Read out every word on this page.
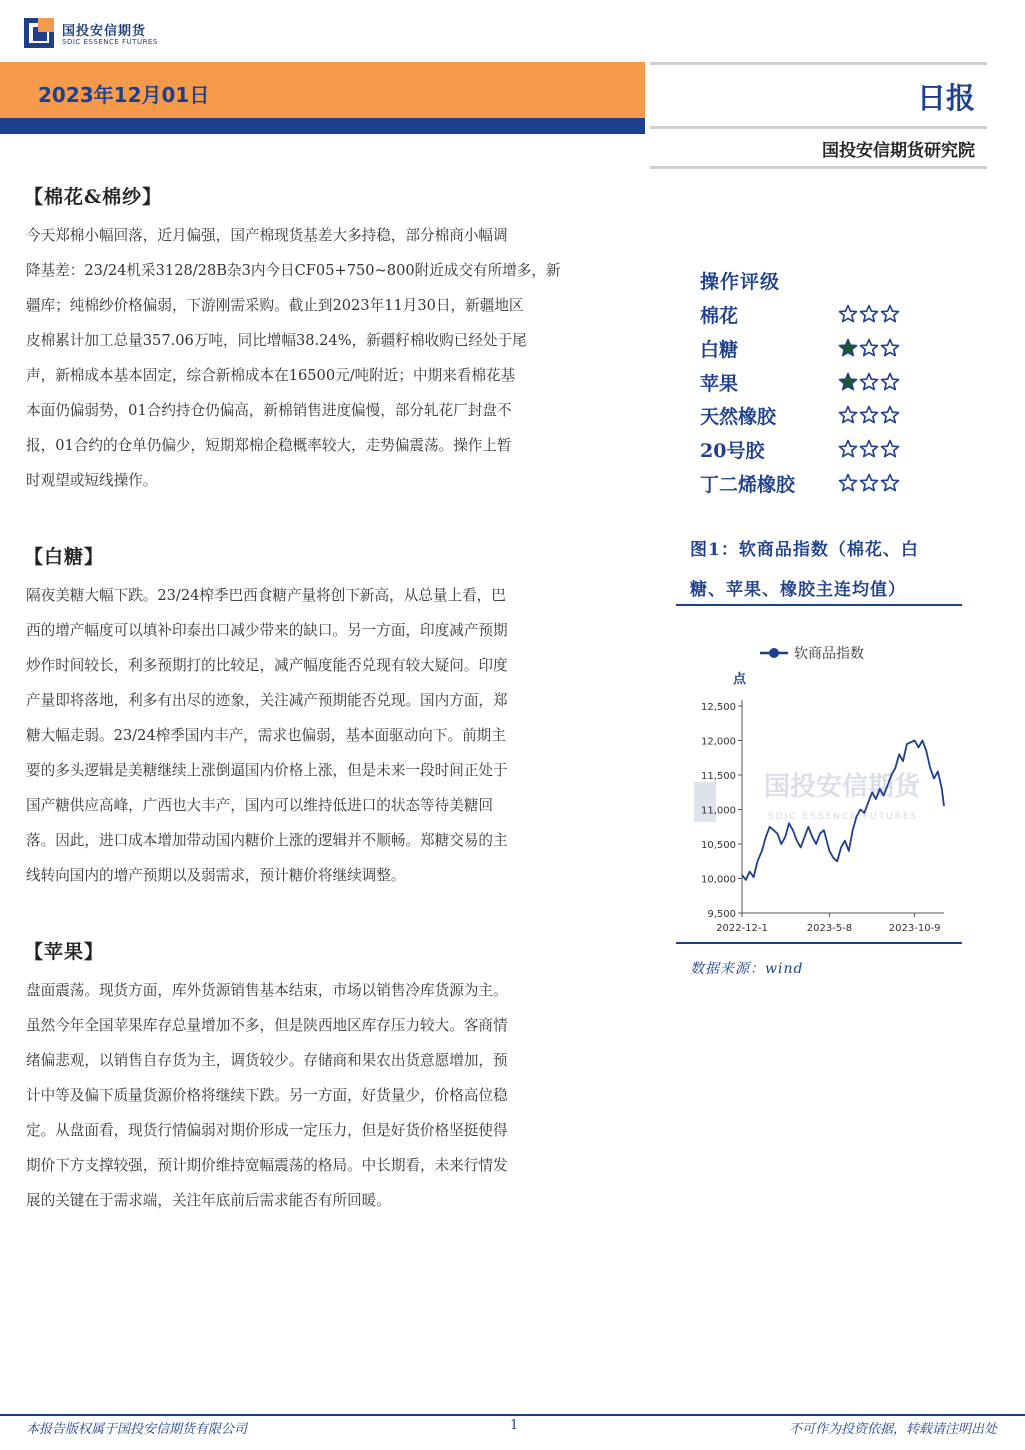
国投安信期货
SDIC ESSENCE FUTURES
2023年12月01日	日报
国投安信期货研究院
【棉花&棉纱】
今天郑棉小幅回落，近月偏强，国产棉现货基差大多持稳，部分棉商小幅调
降基差：23/24机采3128/28B杂3内今日CF05+750~800附近成交有所增多，新
疆库；纯棉纱价格偏弱，下游刚需采购。截止到2023年11月30日，新疆地区
皮棉累计加工总量357.06万吨，同比增幅38.24%，新疆籽棉收购已经处于尾
声，新棉成本基本固定，综合新棉成本在16500元/吨附近；中期来看棉花基
本面仍偏弱势，01合约持仓仍偏高，新棉销售进度偏慢，部分轧花厂封盘不
报，01合约的仓单仍偏少，短期郑棉企稳概率较大，走势偏震荡。操作上暂
时观望或短线操作。
【白糖】
隔夜美糖大幅下跌。23/24榨季巴西食糖产量将创下新高，从总量上看，巴
西的增产幅度可以填补印泰出口减少带来的缺口。另一方面，印度减产预期
炒作时间较长，利多预期打的比较足，减产幅度能否兑现有较大疑问。印度
产量即将落地，利多有出尽的迹象，关注减产预期能否兑现。国内方面，郑
糖大幅走弱。23/24榨季国内丰产，需求也偏弱，基本面驱动向下。前期主
要的多头逻辑是美糖继续上涨倒逼国内价格上涨，但是未来一段时间正处于
国产糖供应高峰，广西也大丰产，国内可以维持低进口的状态等待美糖回
落。因此，进口成本增加带动国内糖价上涨的逻辑并不顺畅。郑糖交易的主
线转向国内的增产预期以及弱需求，预计糖价将继续调整。
【苹果】
盘面震荡。现货方面，库外货源销售基本结束，市场以销售冷库货源为主。
虽然今年全国苹果库存总量增加不多，但是陕西地区库存压力较大。客商情
绪偏悲观，以销售自存货为主，调货较少。存储商和果农出货意愿增加，预
计中等及偏下质量货源价格将继续下跌。另一方面，好货量少，价格高位稳
定。从盘面看，现货行情偏弱对期价形成一定压力，但是好货价格坚挺使得
期价下方支撑较强，预计期价维持宽幅震荡的格局。中长期看，未来行情发
展的关键在于需求端，关注年底前后需求能否有所回暖。
操作评级
棉花
白糖
苹果
天然橡胶
20号胶
丁二烯橡胶
图1：软商品指数（棉花、白
糖、苹果、橡胶主连均值）
国投安信期货
SDIC ESSENCE FUTURES
软商品指数
点
9,500
10,000
10,500
11,000
11,500
12,000
12,500
2022-12-1	2023-5-8	2023-10-9
数据来源：wind
本报告版权属于国投安信期货有限公司	1	不可作为投资依据，转载请注明出处
